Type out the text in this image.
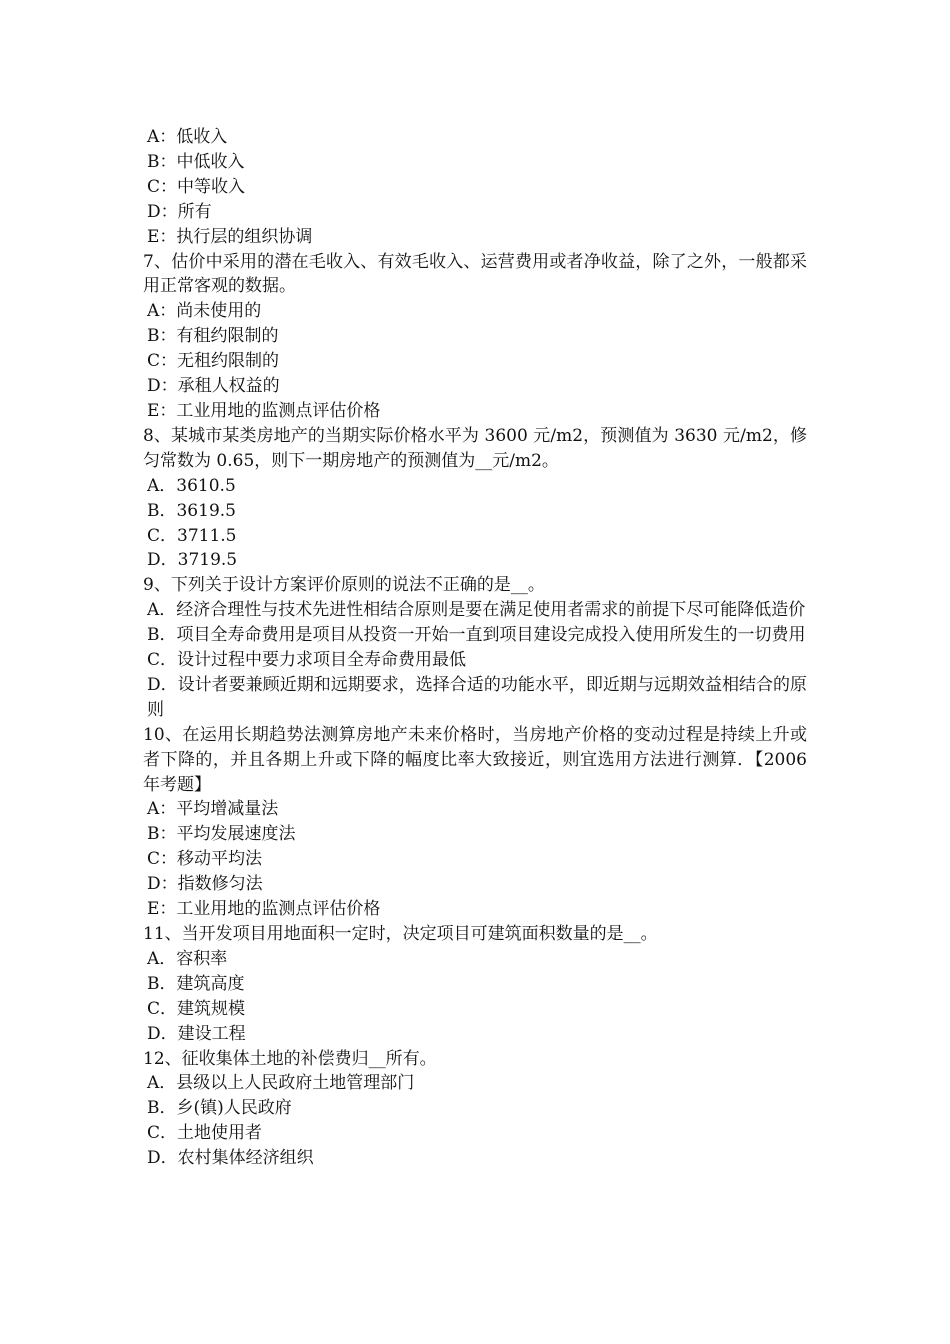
A：低收入

B：中低收入

C：中等收入

D：所有

E：执行层的组织协调

7、估价中采用的潜在毛收入、有效毛收入、运营费用或者净收益，除了之外，一般都采用正常客观的数据。

A：尚未使用的

B：有租约限制的

C：无租约限制的

D：承租人权益的

E：工业用地的监测点评估价格

8、某城市某类房地产的当期实际价格水平为 3600 元/m2，预测值为 3630 元/m2，修匀常数为 0.65，则下一期房地产的预测值为__元/m2。

A．3610.5

B．3619.5

C．3711.5

D．3719.5

9、下列关于设计方案评价原则的说法不正确的是__。

A．经济合理性与技术先进性相结合原则是要在满足使用者需求的前提下尽可能降低造价

B．项目全寿命费用是项目从投资一开始一直到项目建设完成投入使用所发生的一切费用

C．设计过程中要力求项目全寿命费用最低

D．设计者要兼顾近期和远期要求，选择合适的功能水平，即近期与远期效益相结合的原则

10、在运用长期趋势法测算房地产未来价格时，当房地产价格的变动过程是持续上升或者下降的，并且各期上升或下降的幅度比率大致接近，则宜选用方法进行测算．【2006 年考题】

A：平均增减量法

B：平均发展速度法

C：移动平均法

D：指数修匀法

E：工业用地的监测点评估价格

11、当开发项目用地面积一定时，决定项目可建筑面积数量的是__。

A．容积率

B．建筑高度

C．建筑规模

D．建设工程

12、征收集体土地的补偿费归__所有。

A．县级以上人民政府土地管理部门

B．乡(镇)人民政府

C．土地使用者

D．农村集体经济组织
